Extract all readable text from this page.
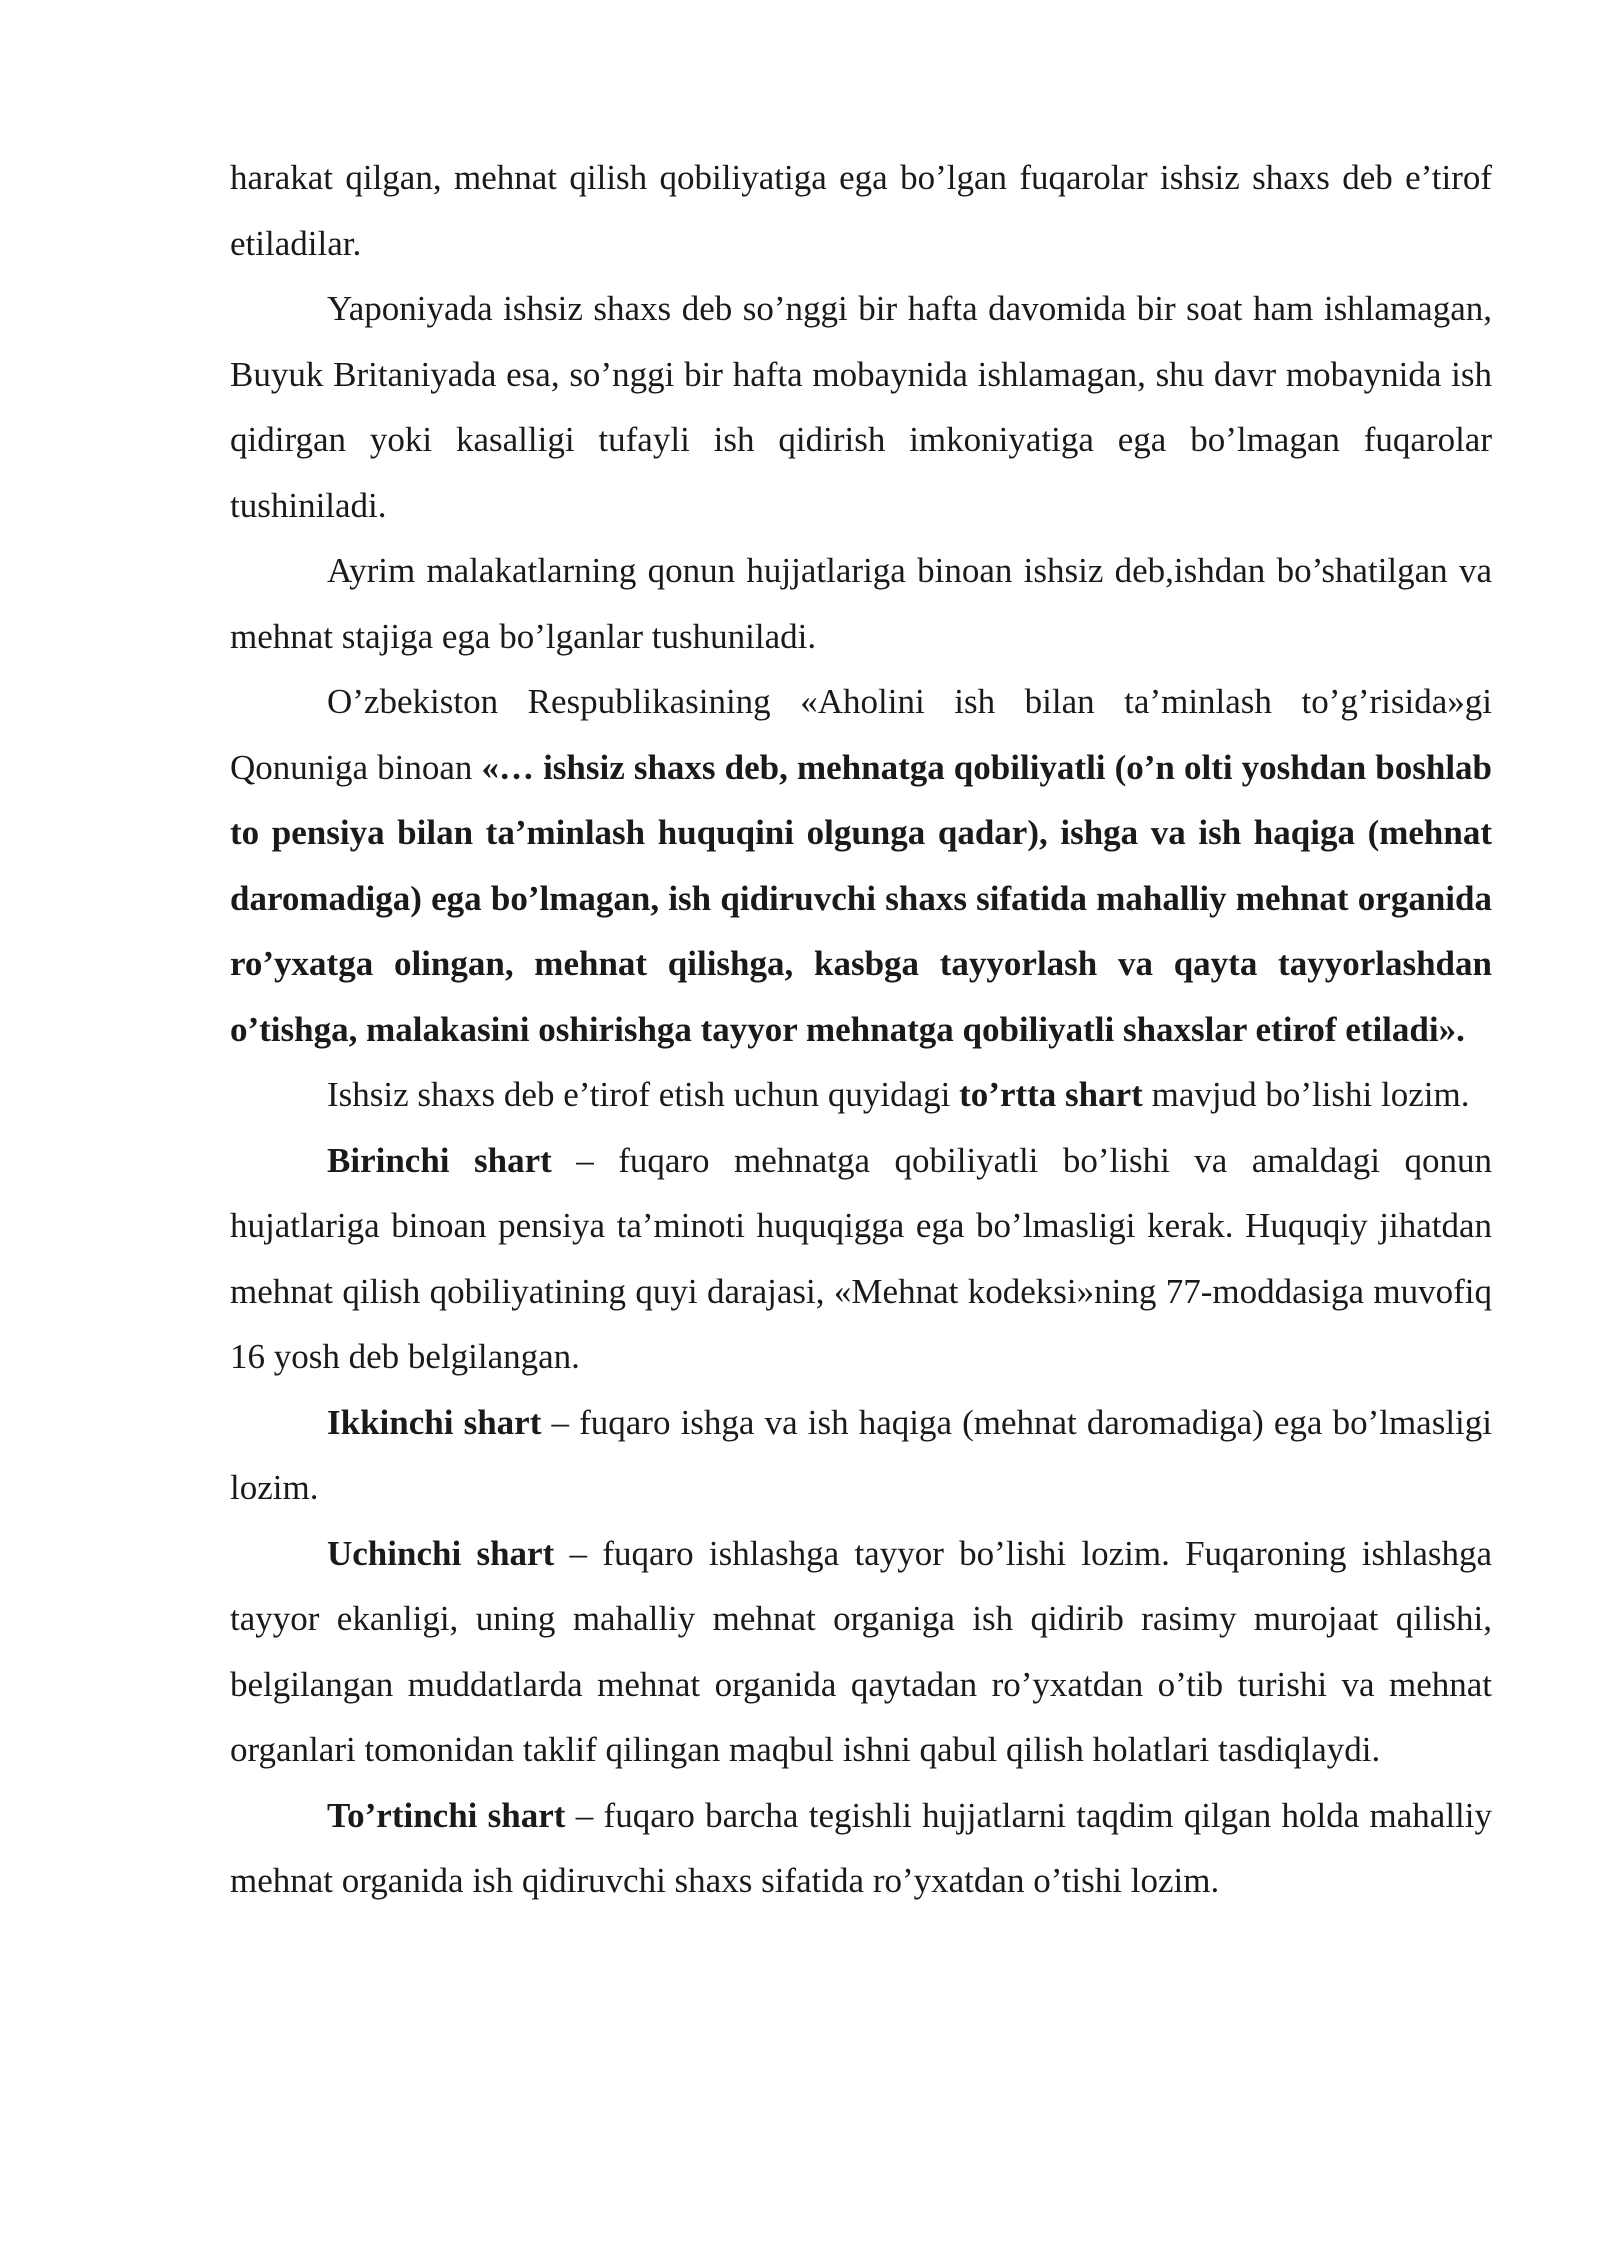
harakat qilgan, mehnat qilish qobiliyatiga ega bo’lgan fuqarolar ishsiz shaxs deb e’tirof etiladilar.

Yaponiyada ishsiz shaxs deb so’nggi bir hafta davomida bir soat ham ishlamagan, Buyuk Britaniyada esa, so’nggi bir hafta mobaynida ishlamagan, shu davr mobaynida ish qidirgan yoki kasalligi tufayli ish qidirish imkoniyatiga ega bo’lmagan fuqarolar tushiniladi.

Ayrim malakatlarning qonun hujjatlariga binoan ishsiz deb,ishdan bo’shatilgan va mehnat stajiga ega bo’lganlar tushuniladi.

O’zbekiston Respublikasining «Aholini ish bilan ta’minlash to’g’risida»gi Qonuniga binoan «… ishsiz shaxs deb, mehnatga qobiliyatli (o’n olti yoshdan boshlab to pensiya bilan ta’minlash huquqini olgunga qadar), ishga va ish haqiga (mehnat daromadiga) ega bo’lmagan, ish qidiruvchi shaxs sifatida mahalliy mehnat organida ro’yxatga olingan, mehnat qilishga, kasbga tayyorlash va qayta tayyorlashdan o’tishga, malakasini oshirishga tayyor mehnatga qobiliyatli shaxslar etirof etiladi».

Ishsiz shaxs deb e’tirof etish uchun quyidagi to’rtta shart mavjud bo’lishi lozim.

Birinchi shart – fuqaro mehnatga qobiliyatli bo’lishi va amaldagi qonun hujatlariga binoan pensiya ta’minoti huquqigga ega bo’lmasligi kerak. Huquqiy jihatdan mehnat qilish qobiliyatining quyi darajasi, «Mehnat kodeksi»ning 77-moddasiga muvofiq 16 yosh deb belgilangan.

Ikkinchi shart – fuqaro ishga va ish haqiga (mehnat daromadiga) ega bo’lmasligi lozim.

Uchinchi shart – fuqaro ishlashga tayyor bo’lishi lozim. Fuqaroning ishlashga tayyor ekanligi, uning mahalliy mehnat organiga ish qidirib rasimy murojaat qilishi, belgilangan muddatlarda mehnat organida qaytadan ro’yxatdan o’tib turishi va mehnat organlari tomonidan taklif qilingan maqbul ishni qabul qilish holatlari tasdiqlaydi.

To’rtinchi shart – fuqaro barcha tegishli hujjatlarni taqdim qilgan holda mahalliy mehnat organida ish qidiruvchi shaxs sifatida ro’yxatdan o’tishi lozim.
